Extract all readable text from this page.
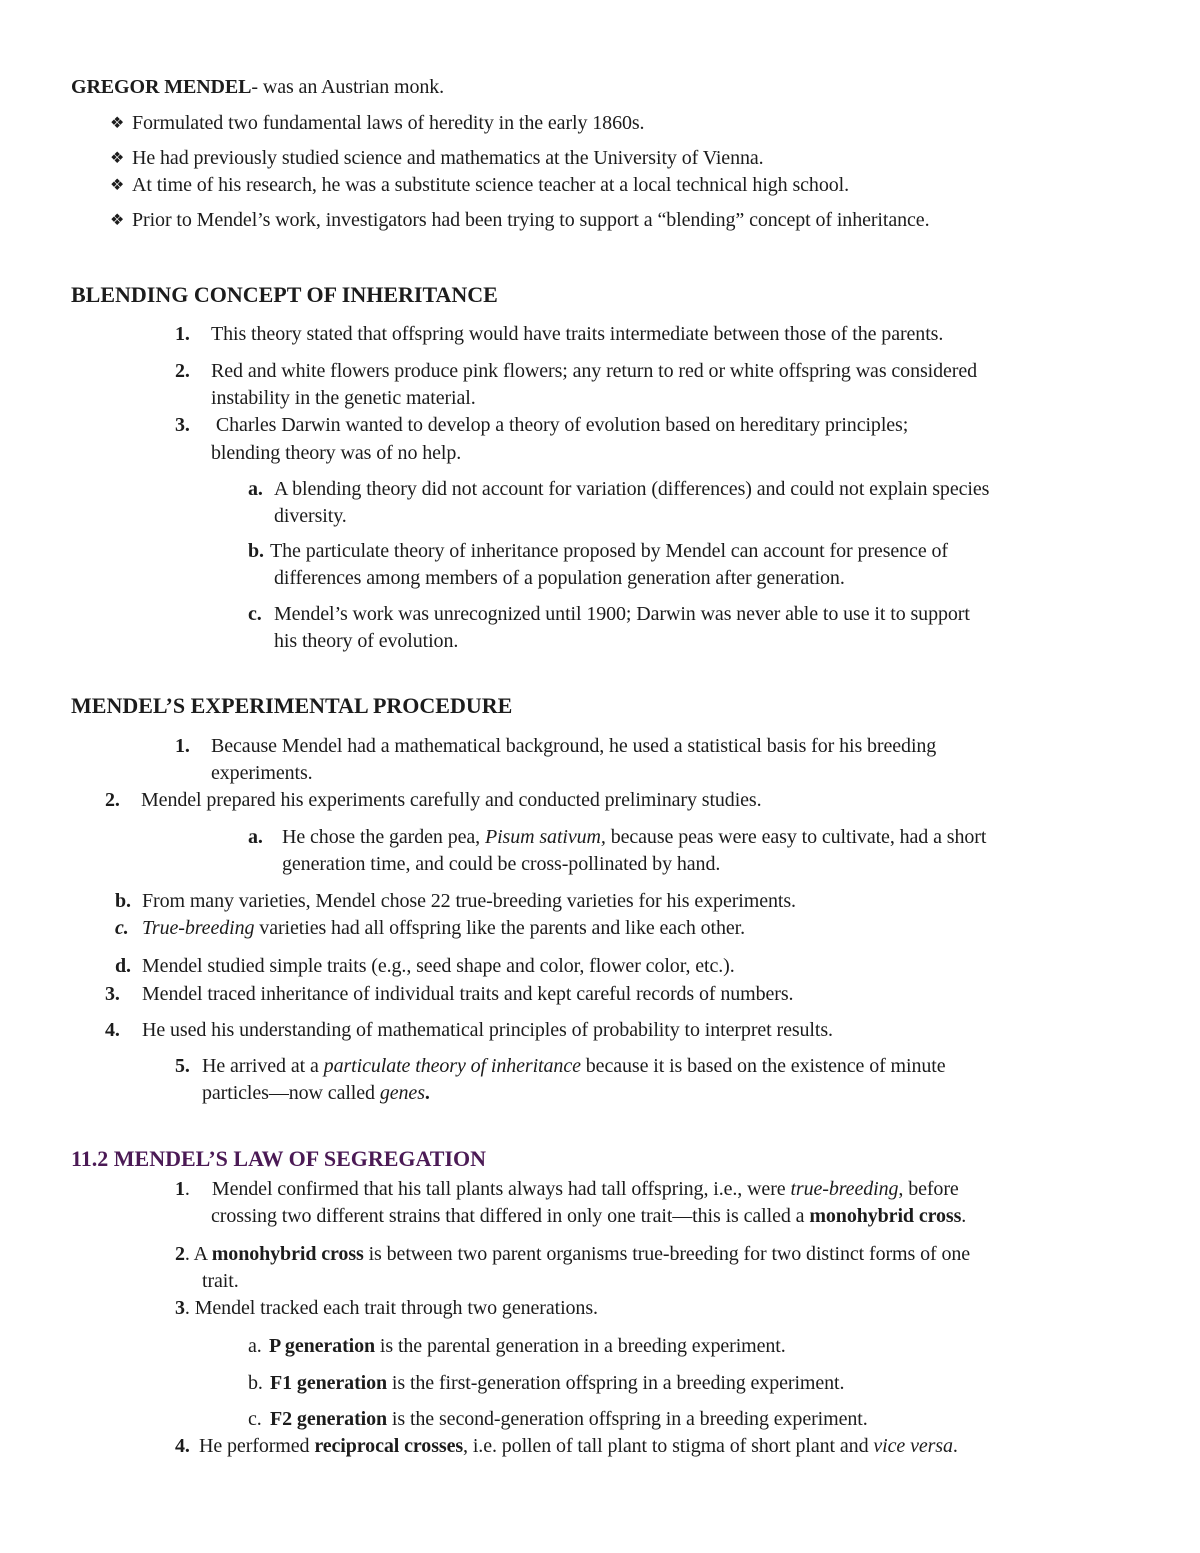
GREGOR MENDEL- was an Austrian monk.
❖ Formulated two fundamental laws of heredity in the early 1860s.
❖ He had previously studied science and mathematics at the University of Vienna.
❖ At time of his research, he was a substitute science teacher at a local technical high school.
❖ Prior to Mendel’s work, investigators had been trying to support a “blending” concept of inheritance.
BLENDING CONCEPT OF INHERITANCE
1. This theory stated that offspring would have traits intermediate between those of the parents.
2. Red and white flowers produce pink flowers; any return to red or white offspring was considered
instability in the genetic material.
3. Charles Darwin wanted to develop a theory of evolution based on hereditary principles;
blending theory was of no help.
a. A blending theory did not account for variation (differences) and could not explain species
diversity.
b. The particulate theory of inheritance proposed by Mendel can account for presence of
differences among members of a population generation after generation.
c. Mendel’s work was unrecognized until 1900; Darwin was never able to use it to support
his theory of evolution.
MENDEL’S EXPERIMENTAL PROCEDURE
1. Because Mendel had a mathematical background, he used a statistical basis for his breeding
experiments.
2. Mendel prepared his experiments carefully and conducted preliminary studies.
a. He chose the garden pea, Pisum sativum, because peas were easy to cultivate, had a short
generation time, and could be cross-pollinated by hand.
b. From many varieties, Mendel chose 22 true-breeding varieties for his experiments.
c. True-breeding varieties had all offspring like the parents and like each other.
d. Mendel studied simple traits (e.g., seed shape and color, flower color, etc.).
3. Mendel traced inheritance of individual traits and kept careful records of numbers.
4. He used his understanding of mathematical principles of probability to interpret results.
5. He arrived at a particulate theory of inheritance because it is based on the existence of minute
particles—now called genes.
11.2 MENDEL’S LAW OF SEGREGATION
1. Mendel confirmed that his tall plants always had tall offspring, i.e., were true-breeding, before
crossing two different strains that differed in only one trait—this is called a monohybrid cross.
2. A monohybrid cross is between two parent organisms true-breeding for two distinct forms of one
trait.
3. Mendel tracked each trait through two generations.
a. P generation is the parental generation in a breeding experiment.
b. F1 generation is the first-generation offspring in a breeding experiment.
c. F2 generation is the second-generation offspring in a breeding experiment.
4. He performed reciprocal crosses, i.e. pollen of tall plant to stigma of short plant and vice versa.
